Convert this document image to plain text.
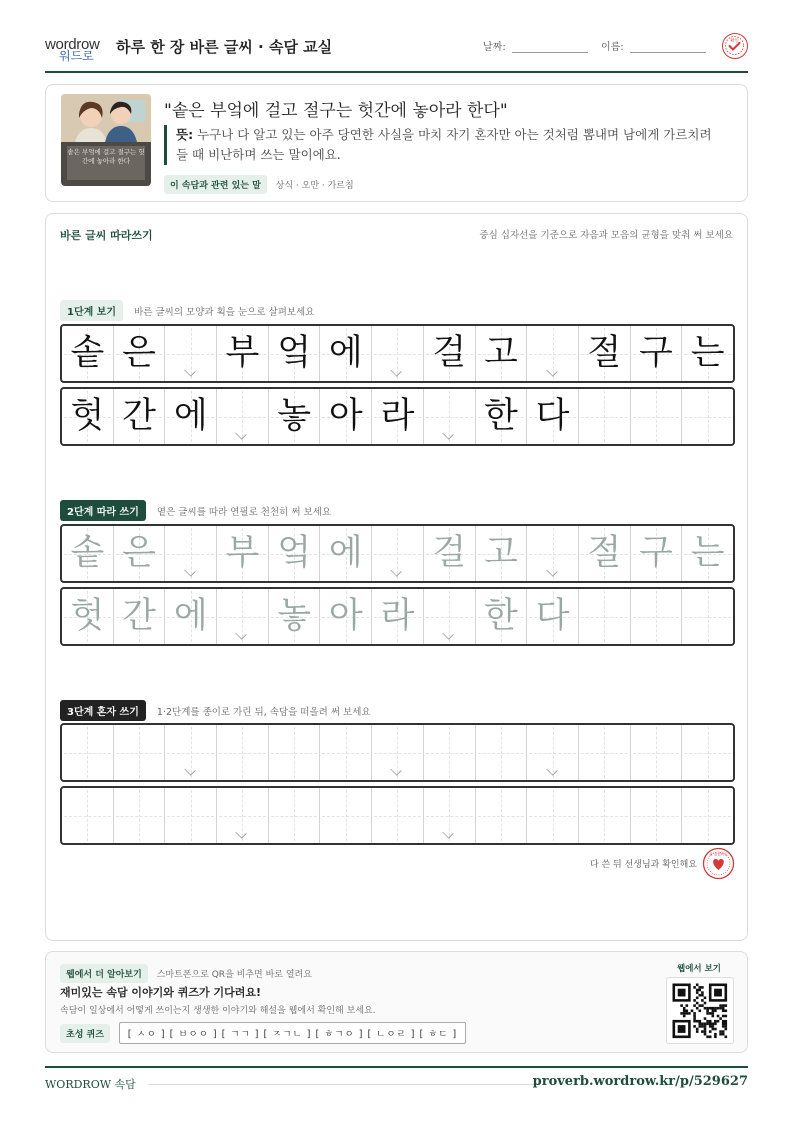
wordrow
워드로 하루 한 장 바른 글씨 · 속담 교실	날짜:	이름:
확인
솥은 부엌에 걸고 절구는 헛간에 놓아라 한다
"솥은 부엌에 걸고 절구는 헛간에 놓아라 한다"
뜻: 누구나 다 알고 있는 아주 당연한 사실을 마치 자기 혼자만 아는 것처럼 뽐내며 남에게 가르치려 들 때 비난하며 쓰는 말이에요.
이 속담과 관련 있는 말 상식 · 오만 · 가르침
바른 글씨 따라쓰기	중심 십자선을 기준으로 자음과 모음의 균형을 맞춰 써 보세요
1단계 보기 바른 글씨의 모양과 획을 눈으로 살펴보세요
솥 은 부 엌 에 걸 고 절 구 는
헛 간 에 놓 아 라 한 다
2단계 따라 쓰기 옅은 글씨를 따라 연필로 천천히 써 보세요
솥 은 부 엌 에 걸 고 절 구 는
헛 간 에 놓 아 라 한 다
3단계 혼자 쓰기 1·2단계를 종이로 가린 뒤, 속담을 떠올려 써 보세요
다 쓴 뒤 선생님과 확인해요
참 잘했어요
웹에서 더 알아보기 스마트폰으로 QR을 비추면 바로 열려요
재미있는 속담 이야기와 퀴즈가 기다려요!
속담이 일상에서 어떻게 쓰이는지 생생한 이야기와 해설을 웹에서 확인해 보세요.
초성 퀴즈	[ ㅅㅇ ] [ ㅂㅇㅇ ] [ ㄱㄱ ] [ ㅈㄱㄴ ] [ ㅎㄱㅇ ] [ ㄴㅇㄹ ] [ ㅎㄷ ]
웹에서 보기
WORDROW 속담	proverb.wordrow.kr/p/529627
